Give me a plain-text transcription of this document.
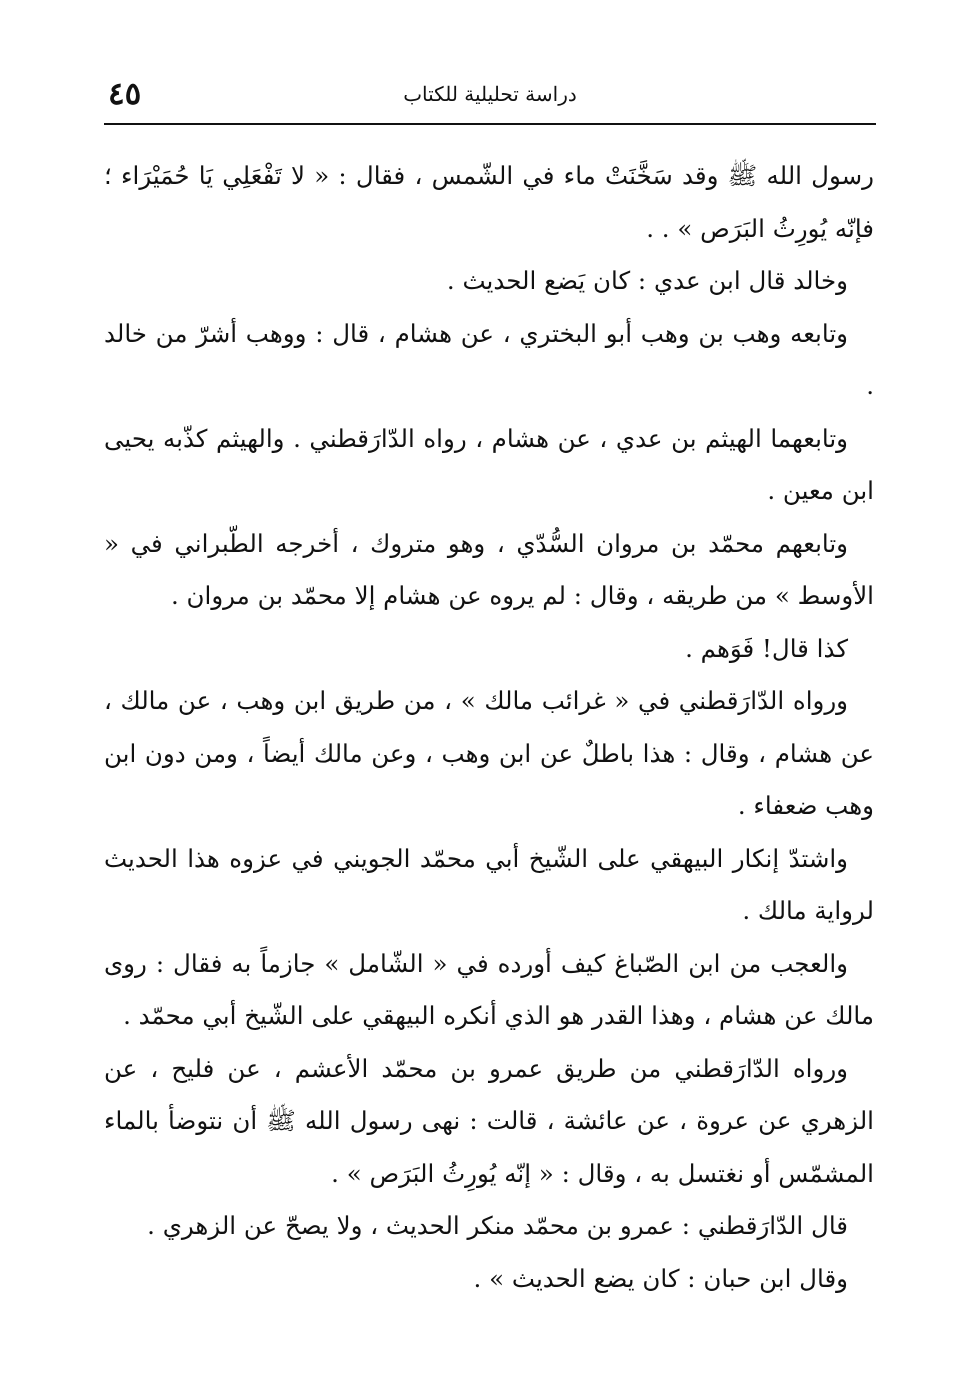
٤٥	دراسة تحليلية للكتاب

رسول الله ﷺ وقد سَخَّنَتْ ماء في الشّمس ، فقال : « لا تَفْعَلِي يَا حُمَيْرَاء ؛ فإنّه يُورِثُ البَرَص » . .

وخالد قال ابن عدي : كان يَضع الحديث .

وتابعه وهب بن وهب أبو البختري ، عن هشام ، قال : ووهب أشرّ من خالد .

وتابعهما الهيثم بن عدي ، عن هشام ، رواه الدّارَقطني . والهيثم كذّبه يحيى ابن معين .

وتابعهم محمّد بن مروان السُّدّي ، وهو متروك ، أخرجه الطّبراني في « الأوسط » من طريقه ، وقال : لم يروه عن هشام إلا محمّد بن مروان .

كذا قال! فَوَهم .

ورواه الدّارَقطني في « غرائب مالك » ، من طريق ابن وهب ، عن مالك ، عن هشام ، وقال : هذا باطلٌ عن ابن وهب ، وعن مالك أيضاً ، ومن دون ابن وهب ضعفاء .

واشتدّ إنكار البيهقي على الشّيخ أبي محمّد الجويني في عزوه هذا الحديث لرواية مالك .

والعجب من ابن الصّباغ كيف أورده في « الشّامل » جازماً به فقال : روى مالك عن هشام ، وهذا القدر هو الذي أنكره البيهقي على الشّيخ أبي محمّد .

ورواه الدّارَقطني من طريق عمرو بن محمّد الأعشم ، عن فليح ، عن الزهري عن عروة ، عن عائشة ، قالت : نهى رسول الله ﷺ أن نتوضأ بالماء المشمّس أو نغتسل به ، وقال : « إنّه يُورِثُ البَرَص » .

قال الدّارَقطني : عمرو بن محمّد منكر الحديث ، ولا يصحّ عن الزهري .

وقال ابن حبان : كان يضع الحديث » .
